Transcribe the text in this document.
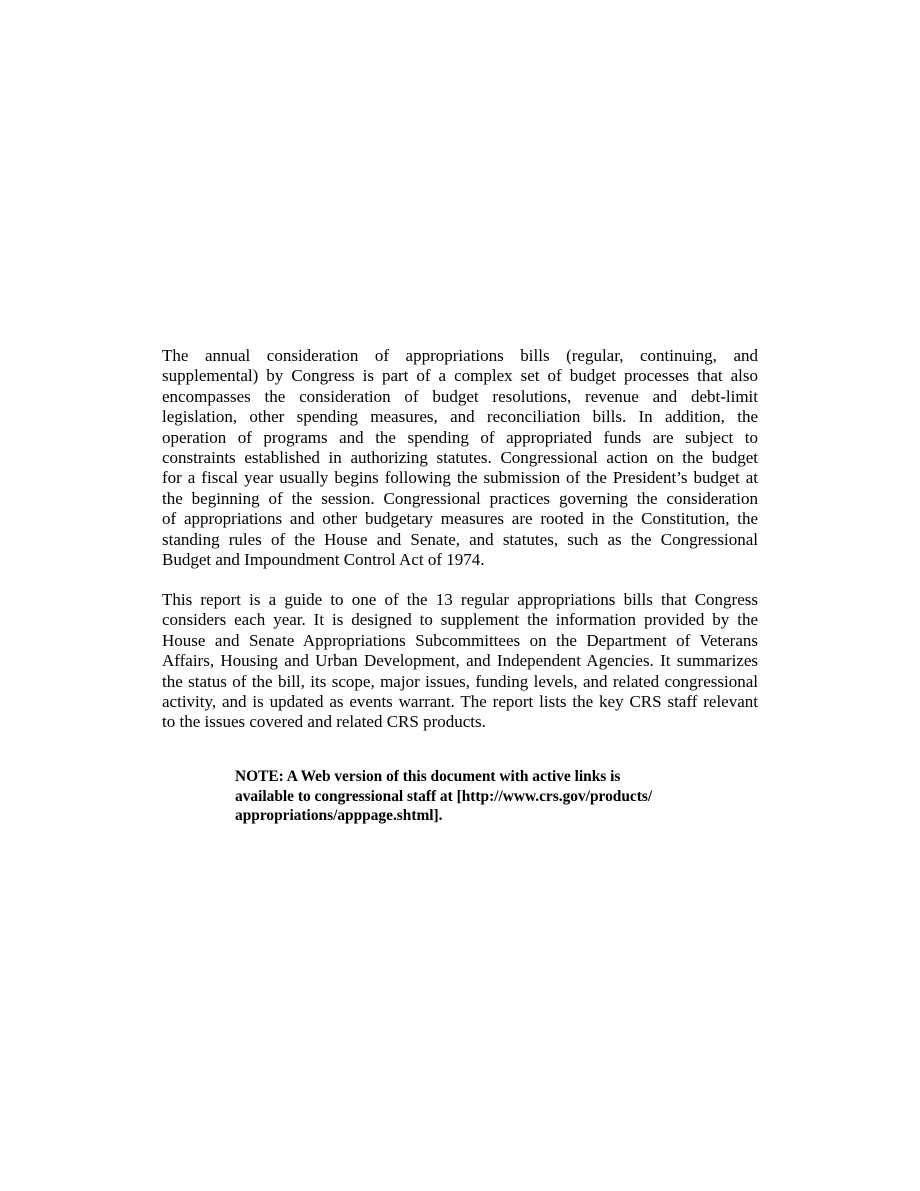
The annual consideration of appropriations bills (regular, continuing, and
supplemental) by Congress is part of a complex set of budget processes that also
encompasses the consideration of budget resolutions, revenue and debt-limit
legislation, other spending measures, and reconciliation bills. In addition, the
operation of programs and the spending of appropriated funds are subject to
constraints established in authorizing statutes. Congressional action on the budget
for a fiscal year usually begins following the submission of the President’s budget at
the beginning of the session. Congressional practices governing the consideration
of appropriations and other budgetary measures are rooted in the Constitution, the
standing rules of the House and Senate, and statutes, such as the Congressional
Budget and Impoundment Control Act of 1974.
This report is a guide to one of the 13 regular appropriations bills that Congress
considers each year. It is designed to supplement the information provided by the
House and Senate Appropriations Subcommittees on the Department of Veterans
Affairs, Housing and Urban Development, and Independent Agencies. It summarizes
the status of the bill, its scope, major issues, funding levels, and related congressional
activity, and is updated as events warrant. The report lists the key CRS staff relevant
to the issues covered and related CRS products.
NOTE: A Web version of this document with active links is
available to congressional staff at [http://www.crs.gov/products/
appropriations/apppage.shtml].
